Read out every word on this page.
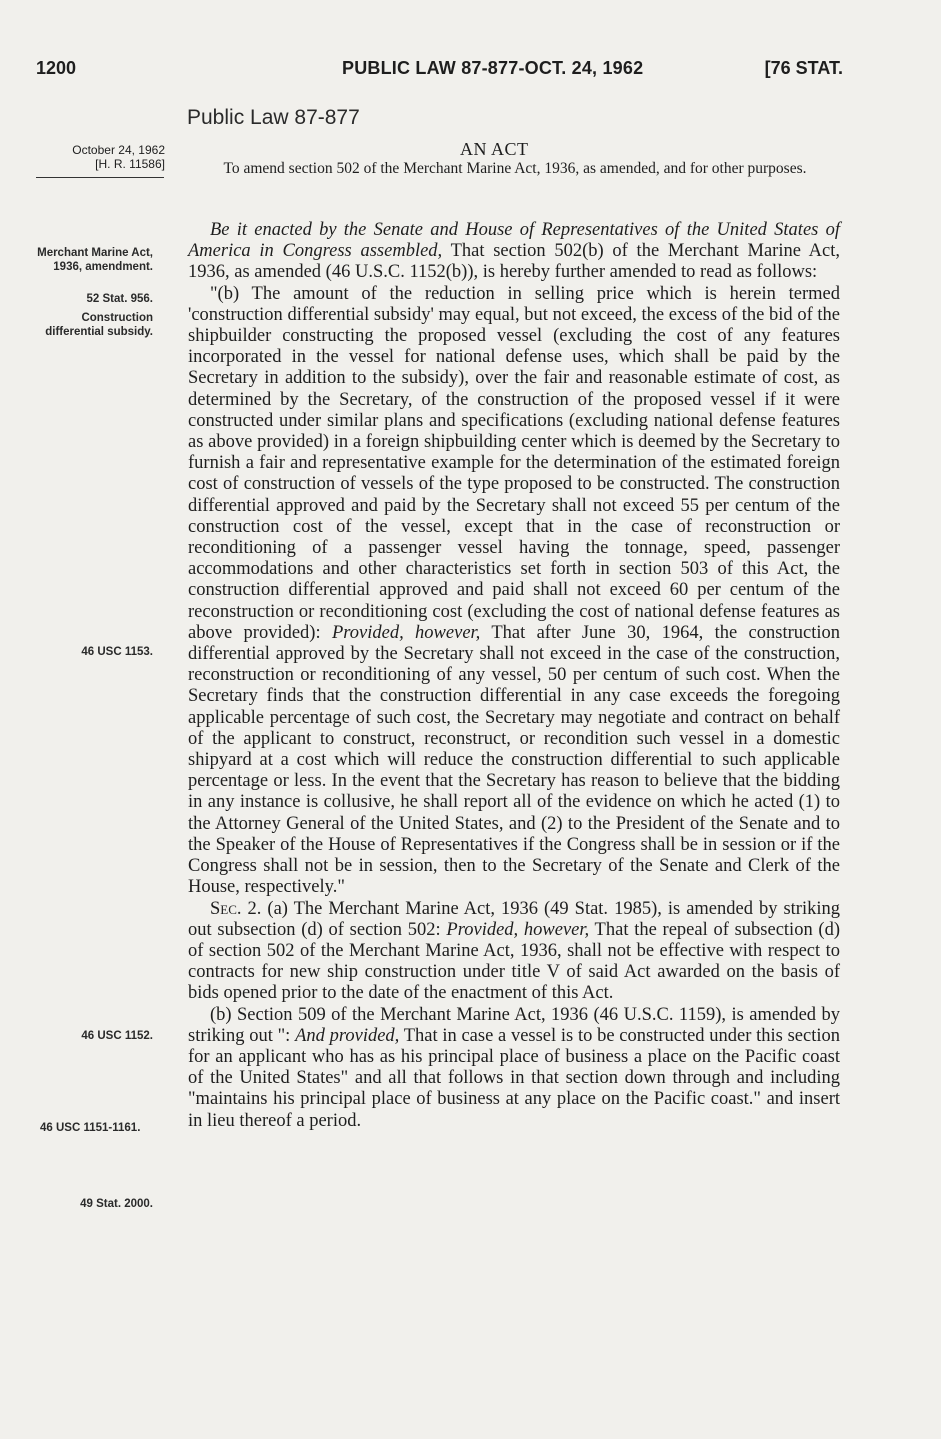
1200	PUBLIC LAW 87-877-OCT. 24, 1962	[76 STAT.
Public Law 87-877
October 24, 1962
[H. R. 11586]
AN ACT
To amend section 502 of the Merchant Marine Act, 1936, as amended, and for other purposes.
Merchant Marine Act, 1936, amendment.
52 Stat. 956.
Construction differential subsidy.
46 USC 1153.
46 USC 1152.
46 USC 1151-1161.
49 Stat. 2000.

Be it enacted by the Senate and House of Representatives of the United States of America in Congress assembled, That section 502(b) of the Merchant Marine Act, 1936, as amended (46 U.S.C. 1152(b)), is hereby further amended to read as follows:

"(b) The amount of the reduction in selling price which is herein termed 'construction differential subsidy' may equal, but not exceed, the excess of the bid of the shipbuilder constructing the proposed vessel (excluding the cost of any features incorporated in the vessel for national defense uses, which shall be paid by the Secretary in addition to the subsidy), over the fair and reasonable estimate of cost, as determined by the Secretary, of the construction of the proposed vessel if it were constructed under similar plans and specifications (excluding national defense features as above provided) in a foreign shipbuilding center which is deemed by the Secretary to furnish a fair and representative example for the determination of the estimated foreign cost of construction of vessels of the type proposed to be constructed. The construction differential approved and paid by the Secretary shall not exceed 55 per centum of the construction cost of the vessel, except that in the case of reconstruction or reconditioning of a passenger vessel having the tonnage, speed, passenger accommodations and other characteristics set forth in section 503 of this Act, the construction differential approved and paid shall not exceed 60 per centum of the reconstruction or reconditioning cost (excluding the cost of national defense features as above provided): Provided, however, That after June 30, 1964, the construction differential approved by the Secretary shall not exceed in the case of the construction, reconstruction or reconditioning of any vessel, 50 per centum of such cost. When the Secretary finds that the construction differential in any case exceeds the foregoing applicable percentage of such cost, the Secretary may negotiate and contract on behalf of the applicant to construct, reconstruct, or recondition such vessel in a domestic shipyard at a cost which will reduce the construction differential to such applicable percentage or less. In the event that the Secretary has reason to believe that the bidding in any instance is collusive, he shall report all of the evidence on which he acted (1) to the Attorney General of the United States, and (2) to the President of the Senate and to the Speaker of the House of Representatives if the Congress shall be in session or if the Congress shall not be in session, then to the Secretary of the Senate and Clerk of the House, respectively."

Sec. 2. (a) The Merchant Marine Act, 1936 (49 Stat. 1985), is amended by striking out subsection (d) of section 502: Provided, however, That the repeal of subsection (d) of section 502 of the Merchant Marine Act, 1936, shall not be effective with respect to contracts for new ship construction under title V of said Act awarded on the basis of bids opened prior to the date of the enactment of this Act.

(b) Section 509 of the Merchant Marine Act, 1936 (46 U.S.C. 1159), is amended by striking out ": And provided, That in case a vessel is to be constructed under this section for an applicant who has as his principal place of business a place on the Pacific coast of the United States" and all that follows in that section down through and including "maintains his principal place of business at any place on the Pacific coast." and insert in lieu thereof a period.
